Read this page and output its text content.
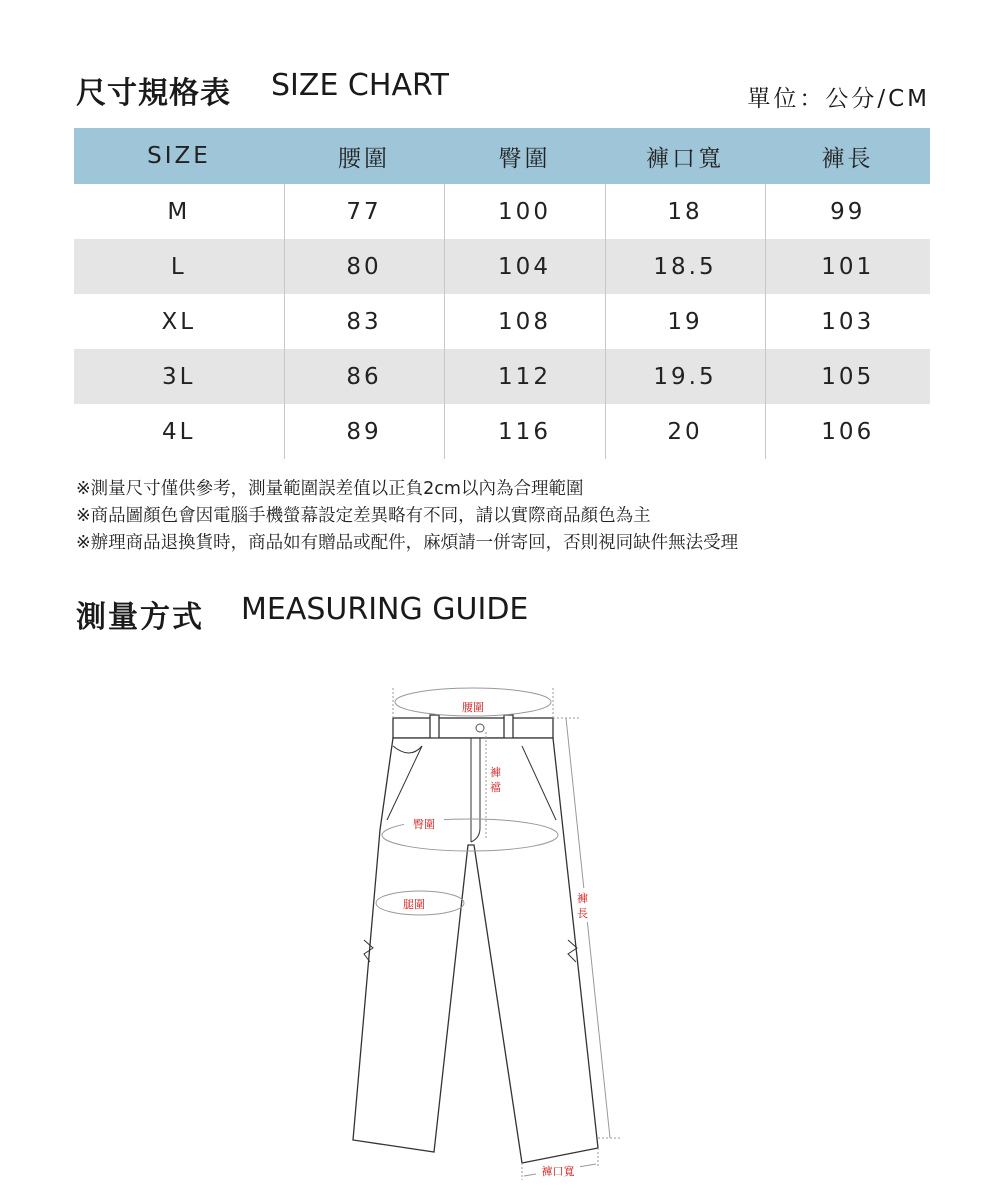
尺寸規格表 SIZE CHART	單位：公分/CM
SIZE	腰圍	臀圍	褲口寬	褲長
M	77	100	18	99
L	80	104	18.5	101
XL	83	108	19	103
3L	86	112	19.5	105
4L	89	116	20	106
※測量尺寸僅供參考，測量範圍誤差值以正負2cm以內為合理範圍
※商品圖顏色會因電腦手機螢幕設定差異略有不同，請以實際商品顏色為主
※辦理商品退換貨時，商品如有贈品或配件，麻煩請一併寄回，否則視同缺件無法受理
測量方式 MEASURING GUIDE
腰圍
褲
襠
臀圍
腿圍	褲
長
褲口寬
